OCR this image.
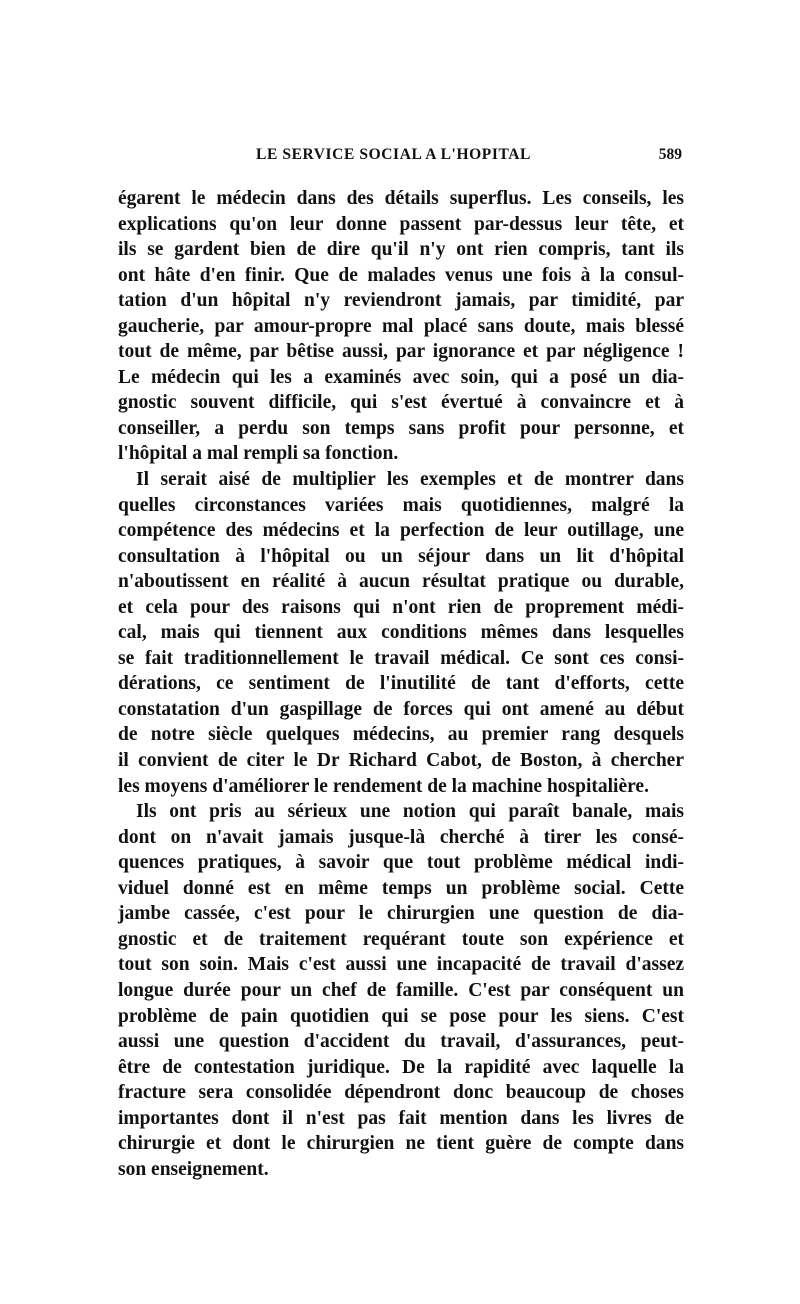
LE SERVICE SOCIAL A L'HOPITAL	589
égarent le médecin dans des détails superflus. Les conseils, les
explications qu'on leur donne passent par-dessus leur tête, et
ils se gardent bien de dire qu'il n'y ont rien compris, tant ils
ont hâte d'en finir. Que de malades venus une fois à la consul-
tation d'un hôpital n'y reviendront jamais, par timidité, par
gaucherie, par amour-propre mal placé sans doute, mais blessé
tout de même, par bêtise aussi, par ignorance et par négligence !
Le médecin qui les a examinés avec soin, qui a posé un dia-
gnostic souvent difficile, qui s'est évertué à convaincre et à
conseiller, a perdu son temps sans profit pour personne, et
l'hôpital a mal rempli sa fonction.
Il serait aisé de multiplier les exemples et de montrer dans
quelles circonstances variées mais quotidiennes, malgré la
compétence des médecins et la perfection de leur outillage, une
consultation à l'hôpital ou un séjour dans un lit d'hôpital
n'aboutissent en réalité à aucun résultat pratique ou durable,
et cela pour des raisons qui n'ont rien de proprement médi-
cal, mais qui tiennent aux conditions mêmes dans lesquelles
se fait traditionnellement le travail médical. Ce sont ces consi-
dérations, ce sentiment de l'inutilité de tant d'efforts, cette
constatation d'un gaspillage de forces qui ont amené au début
de notre siècle quelques médecins, au premier rang desquels
il convient de citer le Dr Richard Cabot, de Boston, à chercher
les moyens d'améliorer le rendement de la machine hospitalière.
Ils ont pris au sérieux une notion qui paraît banale, mais
dont on n'avait jamais jusque-là cherché à tirer les consé-
quences pratiques, à savoir que tout problème médical indi-
viduel donné est en même temps un problème social. Cette
jambe cassée, c'est pour le chirurgien une question de dia-
gnostic et de traitement requérant toute son expérience et
tout son soin. Mais c'est aussi une incapacité de travail d'assez
longue durée pour un chef de famille. C'est par conséquent un
problème de pain quotidien qui se pose pour les siens. C'est
aussi une question d'accident du travail, d'assurances, peut-
être de contestation juridique. De la rapidité avec laquelle la
fracture sera consolidée dépendront donc beaucoup de choses
importantes dont il n'est pas fait mention dans les livres de
chirurgie et dont le chirurgien ne tient guère de compte dans
son enseignement.
